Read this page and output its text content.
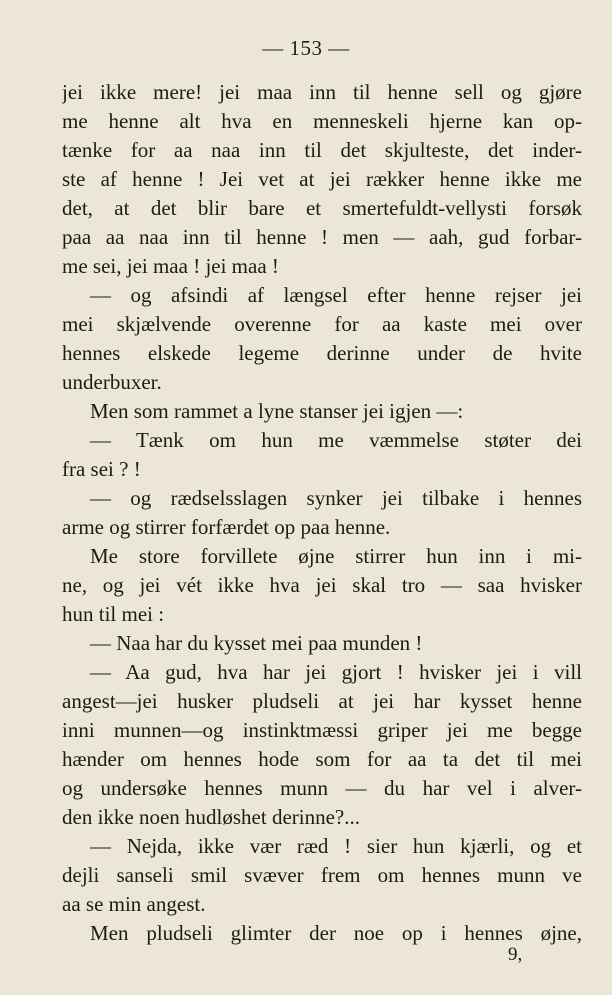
— 153 —
jei ikke mere! jei maa inn til henne sell og gjøre
me henne alt hva en menneskeli hjerne kan op-
tænke for aa naa inn til det skjulteste, det inder-
ste af henne ! Jei vet at jei rækker henne ikke me
det, at det blir bare et smertefuldt-vellysti forsøk
paa aa naa inn til henne ! men — aah, gud forbar-
me sei, jei maa ! jei maa !
— og afsindi af længsel efter henne rejser jei
mei skjælvende overenne for aa kaste mei over
hennes elskede legeme derinne under de hvite
underbuxer.
Men som rammet a lyne stanser jei igjen —:
— Tænk om hun me væmmelse støter dei
fra sei ? !
— og rædselsslagen synker jei tilbake i hennes
arme og stirrer forfærdet op paa henne.
Me store forvillete øjne stirrer hun inn i mi-
ne, og jei vét ikke hva jei skal tro — saa hvisker
hun til mei :
— Naa har du kysset mei paa munden !
— Aa gud, hva har jei gjort ! hvisker jei i vill
angest—jei husker pludseli at jei har kysset henne
inni munnen—og instinktmæssi griper jei me begge
hænder om hennes hode som for aa ta det til mei
og undersøke hennes munn — du har vel i alver-
den ikke noen hudløshet derinne?...
— Nejda, ikke vær ræd ! sier hun kjærli, og et
dejli sanseli smil svæver frem om hennes munn ve
aa se min angest.
Men pludseli glimter der noe op i hennes øjne,
9,
